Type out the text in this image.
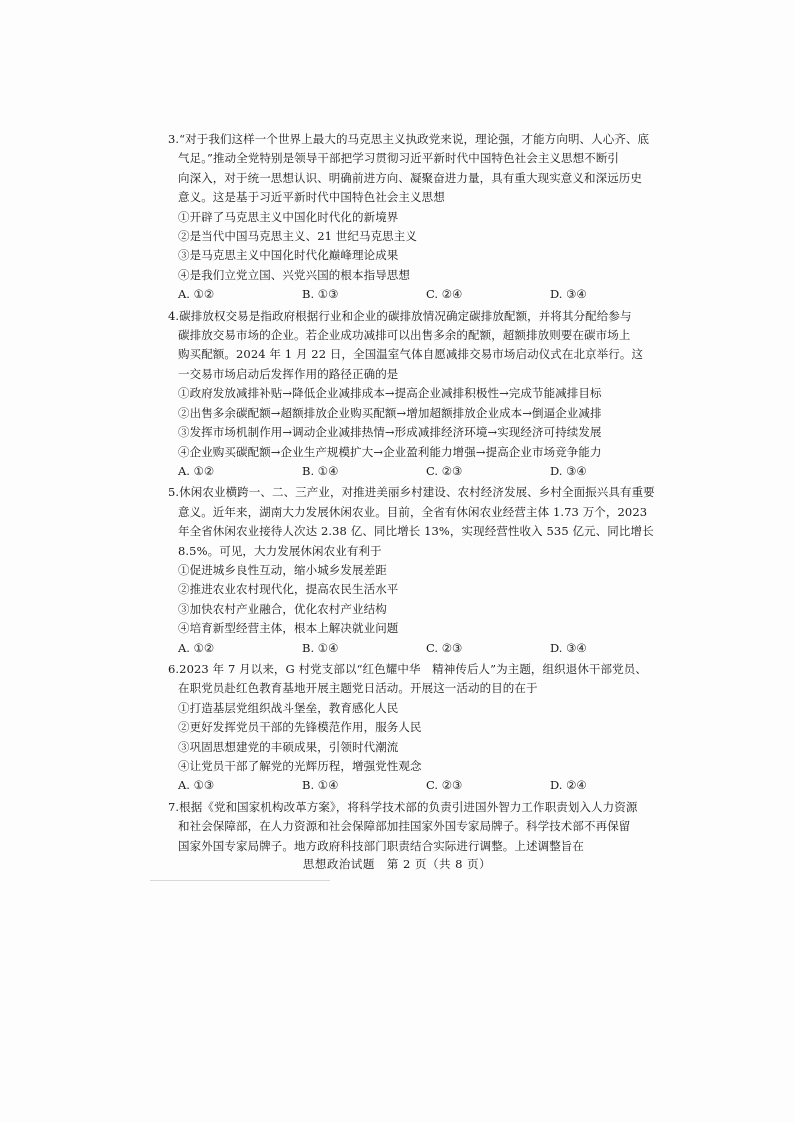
3.“对于我们这样一个世界上最大的马克思主义执政党来说，理论强，才能方向明、人心齐、底
气足。”推动全党特别是领导干部把学习贯彻习近平新时代中国特色社会主义思想不断引
向深入，对于统一思想认识、明确前进方向、凝聚奋进力量，具有重大现实意义和深远历史
意义。这是基于习近平新时代中国特色社会主义思想
①开辟了马克思主义中国化时代化的新境界
②是当代中国马克思主义、21 世纪马克思主义
③是马克思主义中国化时代化巅峰理论成果
④是我们立党立国、兴党兴国的根本指导思想
A. ①②	B. ①③	C. ②④	D. ③④
4.碳排放权交易是指政府根据行业和企业的碳排放情况确定碳排放配额，并将其分配给参与
碳排放交易市场的企业。若企业成功减排可以出售多余的配额，超额排放则要在碳市场上
购买配额。2024 年 1 月 22 日，全国温室气体自愿减排交易市场启动仪式在北京举行。这
一交易市场启动后发挥作用的路径正确的是
①政府发放减排补贴→降低企业减排成本→提高企业减排积极性→完成节能减排目标
②出售多余碳配额→超额排放企业购买配额→增加超额排放企业成本→倒逼企业减排
③发挥市场机制作用→调动企业减排热情→形成减排经济环境→实现经济可持续发展
④企业购买碳配额→企业生产规模扩大→企业盈利能力增强→提高企业市场竞争能力
A. ①②	B. ①④	C. ②③	D. ③④
5.休闲农业横跨一、二、三产业，对推进美丽乡村建设、农村经济发展、乡村全面振兴具有重要
意义。近年来，湖南大力发展休闲农业。目前，全省有休闲农业经营主体 1.73 万个，2023
年全省休闲农业接待人次达 2.38 亿、同比增长 13%，实现经营性收入 535 亿元、同比增长
8.5%。可见，大力发展休闲农业有利于
①促进城乡良性互动，缩小城乡发展差距
②推进农业农村现代化，提高农民生活水平
③加快农村产业融合，优化农村产业结构
④培育新型经营主体，根本上解决就业问题
A. ①②	B. ①④	C. ②③	D. ③④
6.2023 年 7 月以来，G 村党支部以“红色耀中华　精神传后人”为主题，组织退休干部党员、
在职党员赴红色教育基地开展主题党日活动。开展这一活动的目的在于
①打造基层党组织战斗堡垒，教育感化人民
②更好发挥党员干部的先锋模范作用，服务人民
③巩固思想建党的丰硕成果，引领时代潮流
④让党员干部了解党的光辉历程，增强党性观念
A. ①③	B. ①④	C. ②③	D. ②④
7.根据《党和国家机构改革方案》，将科学技术部的负责引进国外智力工作职责划入人力资源
和社会保障部，在人力资源和社会保障部加挂国家外国专家局牌子。科学技术部不再保留
国家外国专家局牌子。地方政府科技部门职责结合实际进行调整。上述调整旨在
思想政治试题　第 2 页（共 8 页）
